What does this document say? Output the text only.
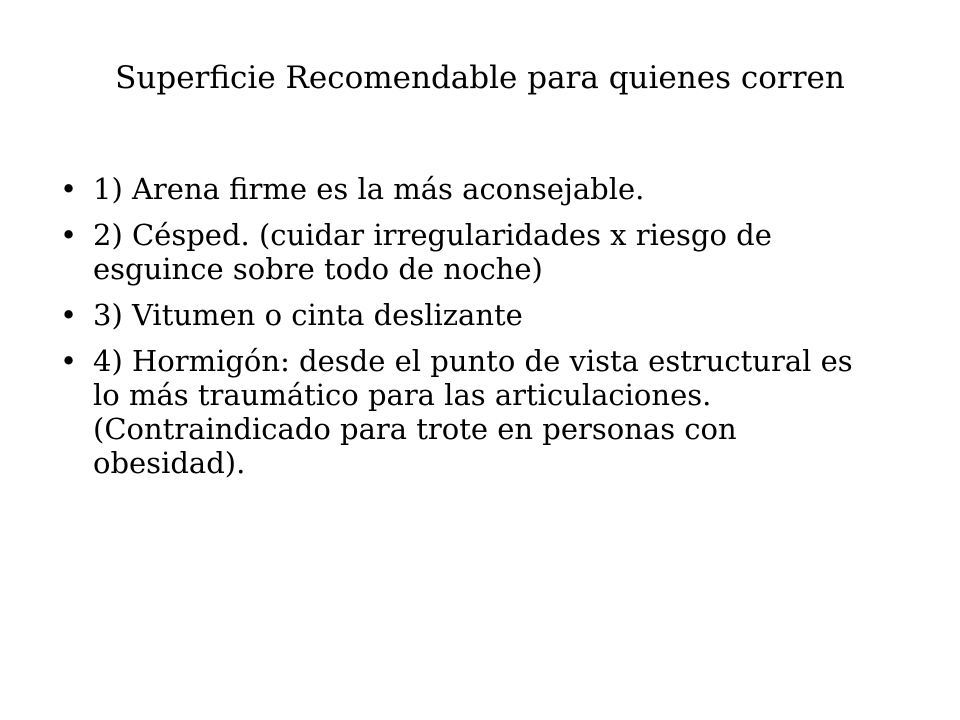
Superficie Recomendable para quienes corren
• 1) Arena firme es la más aconsejable.
• 2) Césped. (cuidar irregularidades x riesgo de esguince sobre todo de noche)
• 3) Vitumen o cinta deslizante
• 4) Hormigón: desde el punto de vista estructural es lo más traumático para las articulaciones. (Contraindicado para trote en personas con obesidad).
